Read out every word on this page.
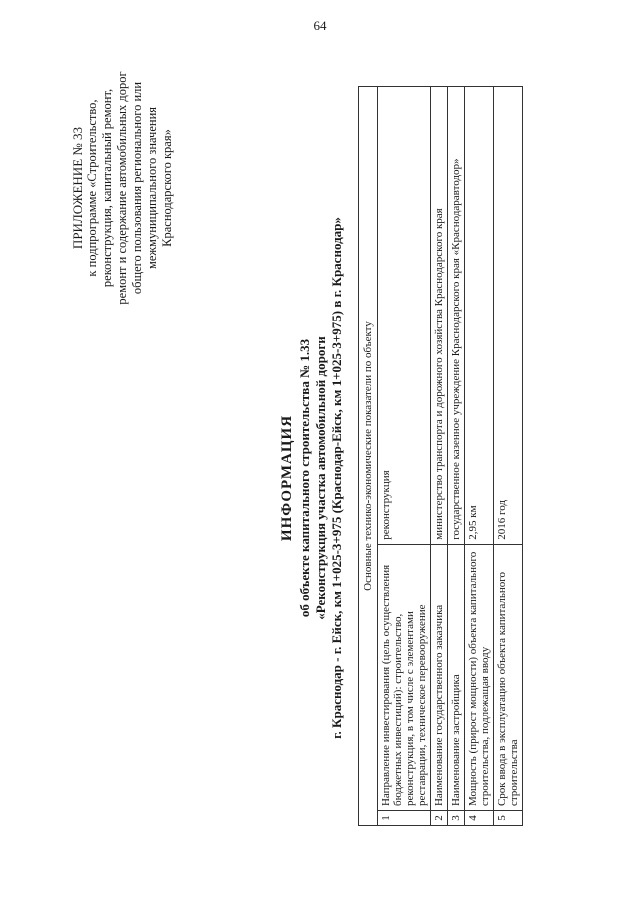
64
ПРИЛОЖЕНИЕ № 33 к подпрограмме «Строительство, реконструкция, капитальный ремонт, ремонт и содержание автомобильных дорог общего пользования регионального или межмуниципального значения Краснодарского края»
ИНФОРМАЦИЯ об объекте капитального строительства № 1.33 «Реконструкция участка автомобильной дороги г. Краснодар - г. Ейск, км 1+025-3+975 (Краснодар-Ейск, км 1+025-3+975) в г. Краснодар» Основные технико-экономические показатели по объекту		
1	Направление инвестирования (цель осуществления бюджетных инвестиций): строительство, реконструкция, в том числе с элементами реставрации, техническое перевооружение	реконструкция
2	Наименование государственного заказчика	министерство транспорта и дорожного хозяйства Краснодарского края
3	Наименование застройщика	государственное казенное учреждение Краснодарского края «Краснодаравтодор»
4	Мощность (прирост мощности) объекта капитального строительства, подлежащая вводу	2,95 км
5	Срок ввода в эксплуатацию объекта капитального строительства	2016 год
